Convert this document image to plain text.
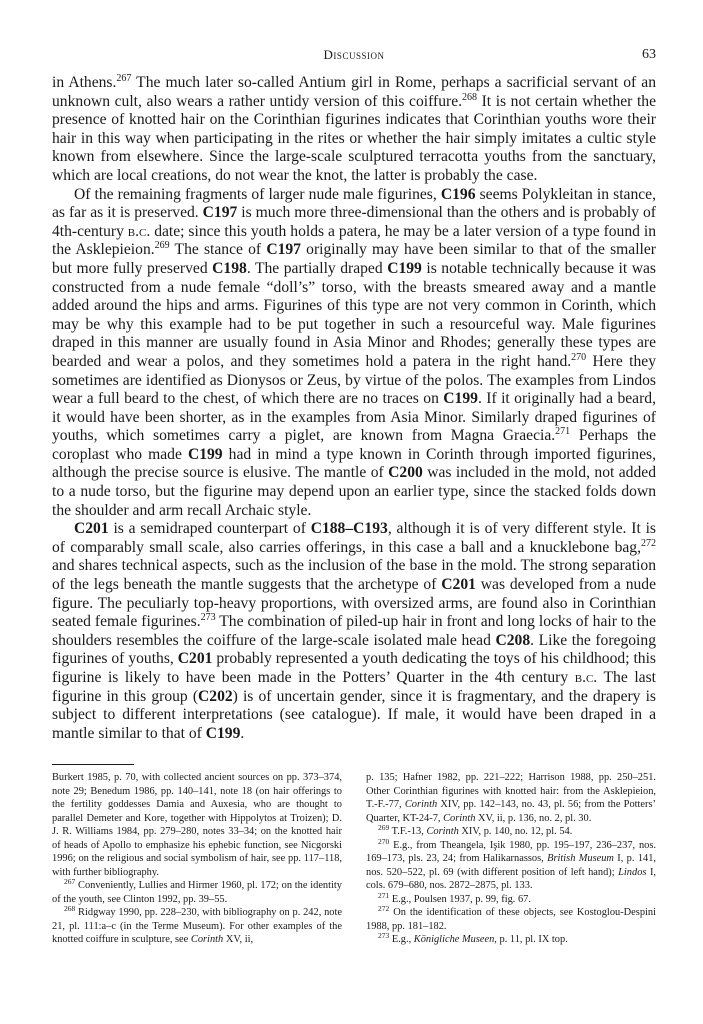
Discussion	63

in Athens.$^{267}$ The much later so-called Antium girl in Rome, perhaps a sacrificial servant of an unknown cult, also wears a rather untidy version of this coiffure.$^{268}$ It is not certain whether the presence of knotted hair on the Corinthian figurines indicates that Corinthian youths wore their hair in this way when participating in the rites or whether the hair simply imitates a cultic style known from elsewhere. Since the large-scale sculptured terracotta youths from the sanctuary, which are local creations, do not wear the knot, the latter is probably the case.

Of the remaining fragments of larger nude male figurines, C196 seems Polykleitan in stance, as far as it is preserved. C197 is much more three-dimensional than the others and is probably of 4th-century b.c. date; since this youth holds a patera, he may be a later version of a type found in the Asklepieion.$^{269}$ The stance of C197 originally may have been similar to that of the smaller but more fully preserved C198. The partially draped C199 is notable technically because it was constructed from a nude female “doll’s” torso, with the breasts smeared away and a mantle added around the hips and arms. Figurines of this type are not very common in Corinth, which may be why this example had to be put together in such a resourceful way. Male figurines draped in this manner are usually found in Asia Minor and Rhodes; generally these types are bearded and wear a polos, and they sometimes hold a patera in the right hand.$^{270}$ Here they sometimes are identified as Dionysos or Zeus, by virtue of the polos. The examples from Lindos wear a full beard to the chest, of which there are no traces on C199. If it originally had a beard, it would have been shorter, as in the examples from Asia Minor. Similarly draped figurines of youths, which sometimes carry a piglet, are known from Magna Graecia.$^{271}$ Perhaps the coroplast who made C199 had in mind a type known in Corinth through imported figurines, although the precise source is elusive. The mantle of C200 was included in the mold, not added to a nude torso, but the figurine may depend upon an earlier type, since the stacked folds down the shoulder and arm recall Archaic style.

C201 is a semidraped counterpart of C188–C193, although it is of very different style. It is of comparably small scale, also carries offerings, in this case a ball and a knucklebone bag,$^{272}$ and shares technical aspects, such as the inclusion of the base in the mold. The strong separation of the legs beneath the mantle suggests that the archetype of C201 was developed from a nude figure. The peculiarly top-heavy proportions, with oversized arms, are found also in Corinthian seated female figurines.$^{273}$ The combination of piled-up hair in front and long locks of hair to the shoulders resembles the coiffure of the large-scale isolated male head C208. Like the foregoing figurines of youths, C201 probably represented a youth dedicating the toys of his childhood; this figurine is likely to have been made in the Potters’ Quarter in the 4th century b.c. The last figurine in this group (C202) is of uncertain gender, since it is fragmentary, and the drapery is subject to different interpretations (see catalogue). If male, it would have been draped in a mantle similar to that of C199.

Burkert 1985, p. 70, with collected ancient sources on pp. 373–374, note 29; Benedum 1986, pp. 140–141, note 18 (on hair offerings to the fertility goddesses Damia and Auxesia, who are thought to parallel Demeter and Kore, together with Hippolytos at Troizen); D. J. R. Williams 1984, pp. 279–280, notes 33–34; on the knotted hair of heads of Apollo to emphasize his ephebic function, see Nicgorski 1996; on the religious and social symbolism of hair, see pp. 117–118, with further bibliography.

$^{267}$ Conveniently, Lullies and Hirmer 1960, pl. 172; on the identity of the youth, see Clinton 1992, pp. 39–55.

$^{268}$ Ridgway 1990, pp. 228–230, with bibliography on p. 242, note 21, pl. 111:a–c (in the Terme Museum). For other examples of the knotted coiffure in sculpture, see Corinth XV, ii,

p. 135; Hafner 1982, pp. 221–222; Harrison 1988, pp. 250–251. Other Corinthian figurines with knotted hair: from the Asklepieion, T.-F.-77, Corinth XIV, pp. 142–143, no. 43, pl. 56; from the Potters’ Quarter, KT-24-7, Corinth XV, ii, p. 136, no. 2, pl. 30.

$^{269}$ T.F.-13, Corinth XIV, p. 140, no. 12, pl. 54.

$^{270}$ E.g., from Theangela, Işik 1980, pp. 195–197, 236–237, nos. 169–173, pls. 23, 24; from Halikarnassos, British Museum I, p. 141, nos. 520–522, pl. 69 (with different position of left hand); Lindos I, cols. 679–680, nos. 2872–2875, pl. 133.

$^{271}$ E.g., Poulsen 1937, p. 99, fig. 67.

$^{272}$ On the identification of these objects, see Kostoglou-Despini 1988, pp. 181–182.

$^{273}$ E.g., Königliche Museen, p. 11, pl. IX top.
